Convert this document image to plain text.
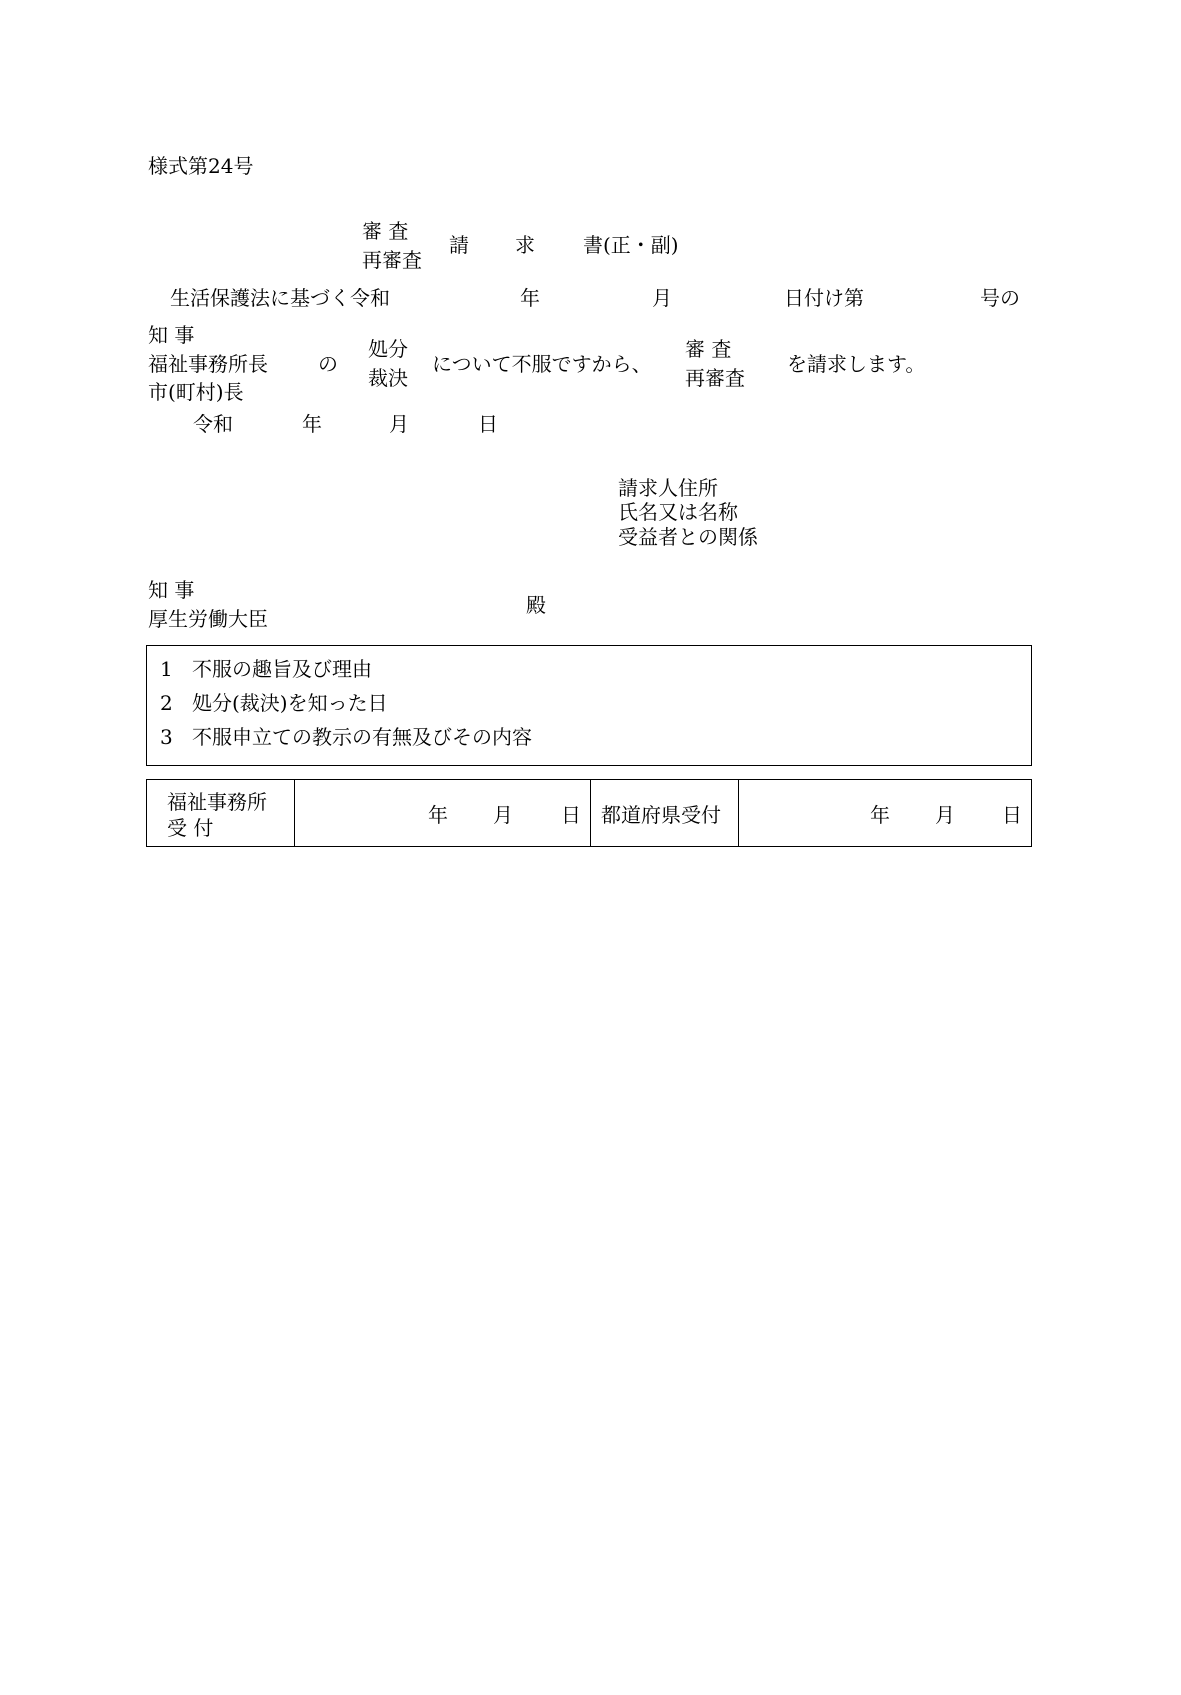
様式第24号
審 査
再審査
請 求 書(正・副)
生活保護法に基づく令和	年	月	日付け第	号の
知 事
福祉事務所長
市(町村)長
の
処分
裁決
について不服ですから、
審 査
再審査
を請求します。
令和	年	月	日
請求人住所
氏名又は名称
受益者との関係
知 事
厚生労働大臣
殿
1 不服の趣旨及び理由
2 処分(裁決)を知った日
3 不服申立ての教示の有無及びその内容
福祉事務所
受 付
年 月 日 都道府県受付	年 月 日
